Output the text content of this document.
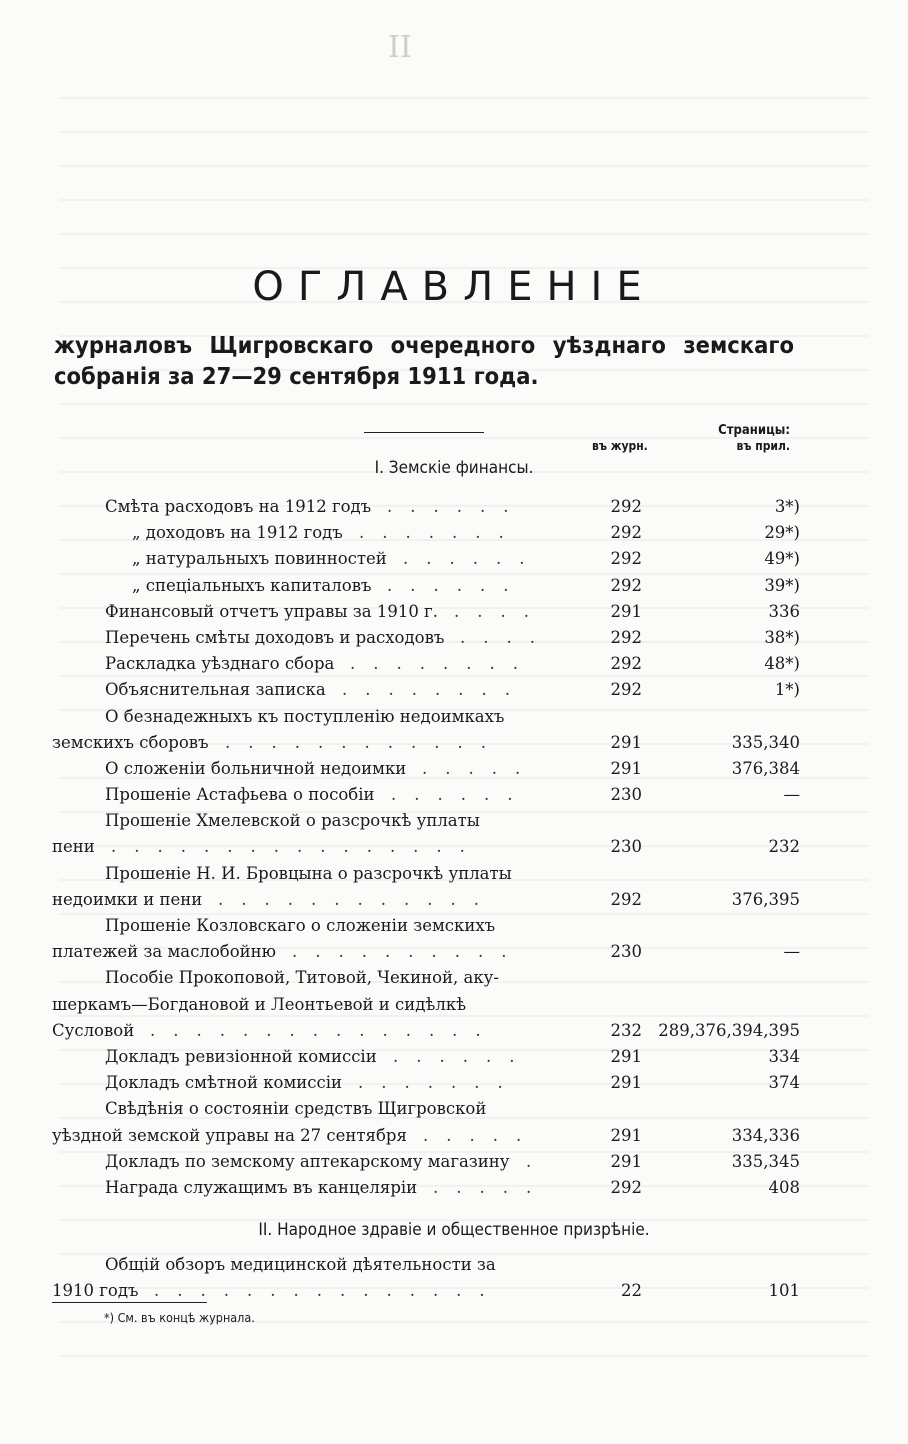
II
ОГЛАВЛЕНІЕ
журналовъ Щигровскаго очередного уѣзднаго земскаго собранія за 27—29 сентября 1911 года.
Страницы:
въ журн.	въ прил.
I. Земскіе финансы.
Смѣта расходовъ на 1912 годъ ......	292	3*)
„ доходовъ на 1912 годъ .......	292	29*)
„ натуральныхъ повинностей ......	292	49*)
„ спеціальныхъ капиталовъ ......	292	39*)
Финансовый отчетъ управы за 1910 г. ....	291	336
Перечень смѣты доходовъ и расходовъ ....	292	38*)
Раскладка уѣзднаго сбора ........	292	48*)
Объяснительная записка ........	292	1*)
О безнадежныхъ къ поступленію недоимкахъ
земскихъ сборовъ ............	291	335,340
О сложеніи больничной недоимки .....	291	376,384
Прошеніе Астафьева о пособіи ......	230	—
Прошеніе Хмелевской о разсрочкѣ уплаты
пени ................	230	232
Прошеніе Н. И. Бровцына о разсрочкѣ уплаты
недоимки и пени ............	292	376,395
Прошеніе Козловскаго о сложеніи земскихъ
платежей за маслобойню ..........	230	—
Пособіе Прокоповой, Титовой, Чекиной, аку-
шеркамъ—Богдановой и Леонтьевой и сидѣлкѣ
Сусловой ...............	232 289,376,394,395
Докладъ ревизіонной комиссіи ......	291	334
Докладъ смѣтной комиссіи .......	291	374
Свѣдѣнія о состояніи средствъ Щигровской
уѣздной земской управы на 27 сентября .....	291	334,336
Докладъ по земскому аптекарскому магазину .	291	335,345
Награда служащимъ въ канцеляріи .....	292	408
II. Народное здравіе и общественное призрѣніе.
Общій обзоръ медицинской дѣятельности за
1910 годъ ...............	22	101
*) См. въ концѣ журнала.
